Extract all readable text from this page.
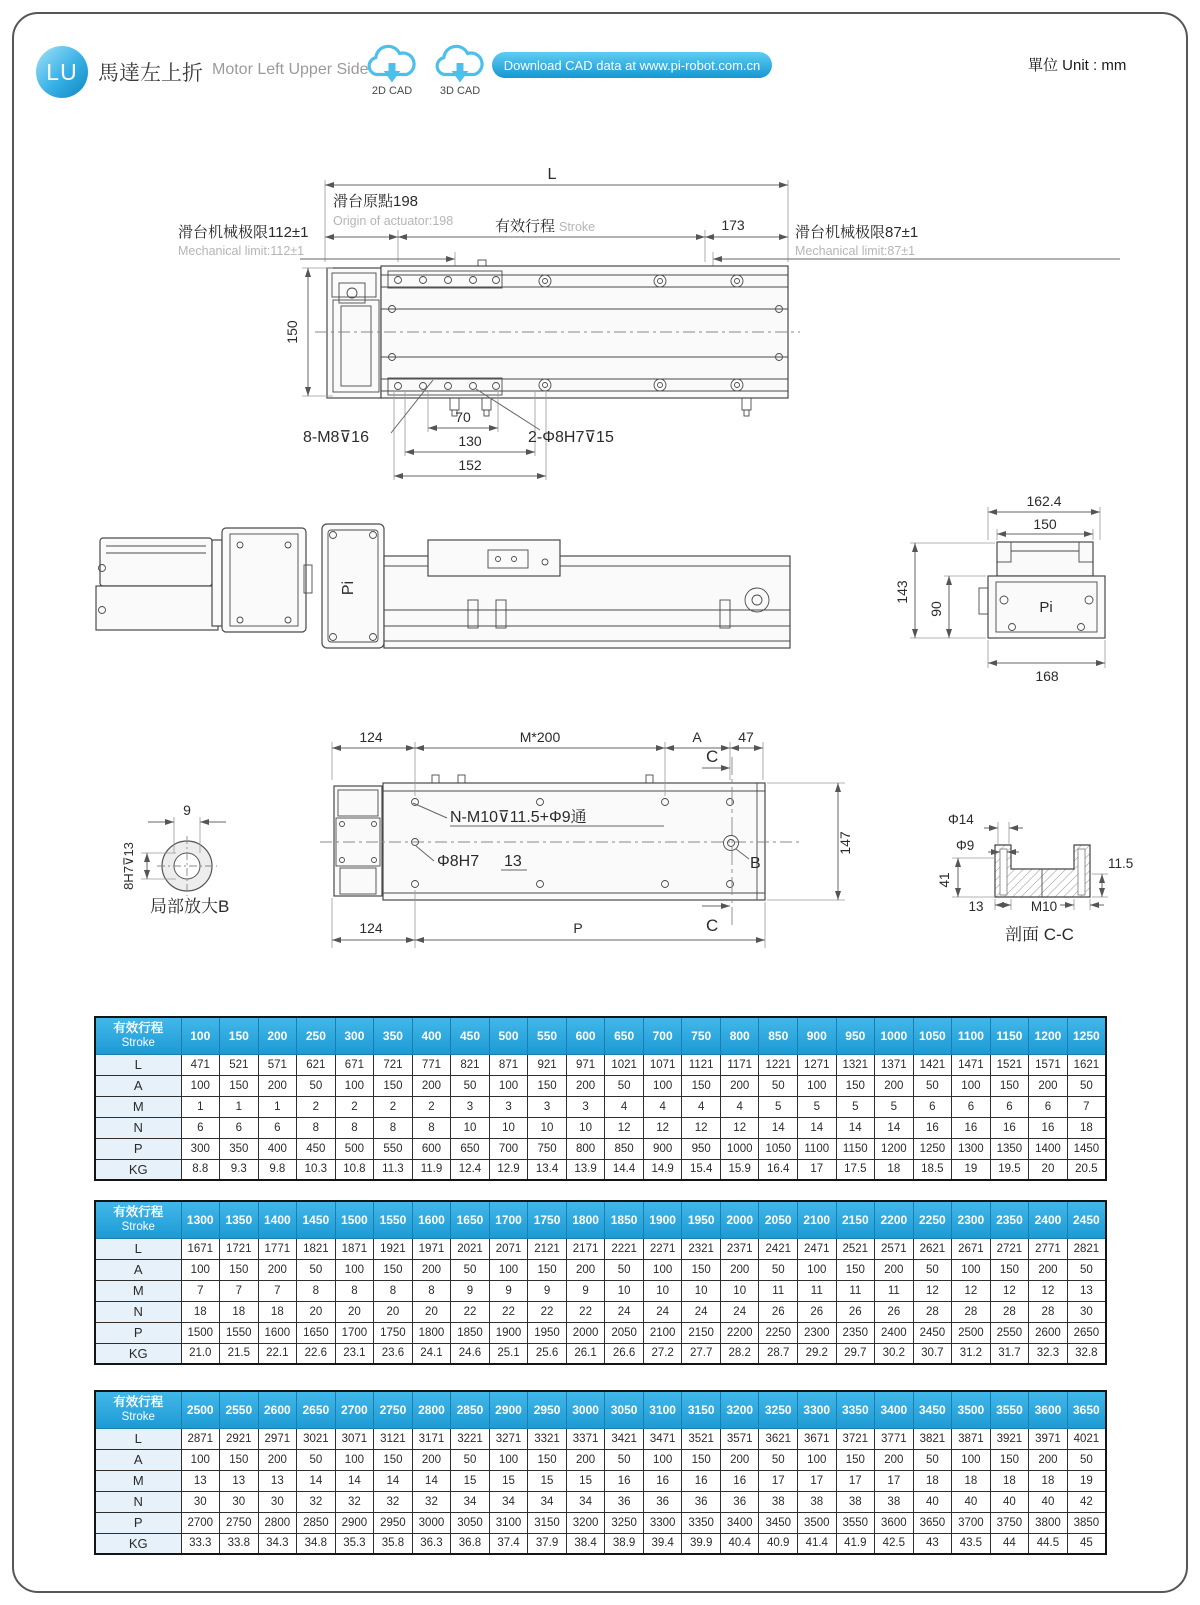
LU 馬達左上折 Motor Left Upper Side
2D CAD	3D CAD
Download CAD data at www.pi-robot.com.cn	單位 Unit : mm
L
滑台原點198
Origin of actuator:198	有效行程 Stroke	173
滑台机械极限112±1
Mechanical limit:112±1
滑台机械极限87±1
Mechanical limit:87±1
150
70
130
152
8-M8⊽16	2-Φ8H7⊽15
Pi
Pi
162.4
150
143
90
168
124	M*200	A	47
C
C
147
124	P
N-M10⊽11.5+Φ9通
Φ8H7 13	B
9
8H7⊽13
局部放大B
Φ14
Φ9
41
13	M10
11.5
剖面 C-C
有效行程
Stroke	100	150	200	250	300	350	400	450	500	550	600	650	700	750	800	850	900	950	1000	1050	1100	1150	1200	1250
L	471	521	571	621	671	721	771	821	871	921	971	1021	1071	1121	1171	1221	1271	1321	1371	1421	1471	1521	1571	1621
A	100	150	200	50	100	150	200	50	100	150	200	50	100	150	200	50	100	150	200	50	100	150	200	50
M	1	1	1	2	2	2	2	3	3	3	3	4	4	4	4	5	5	5	5	6	6	6	6	7
N	6	6	6	8	8	8	8	10	10	10	10	12	12	12	12	14	14	14	14	16	16	16	16	18
P	300	350	400	450	500	550	600	650	700	750	800	850	900	950	1000	1050	1100	1150	1200	1250	1300	1350	1400	1450
KG	8.8	9.3	9.8	10.3	10.8	11.3	11.9	12.4	12.9	13.4	13.9	14.4	14.9	15.4	15.9	16.4	17	17.5	18	18.5	19	19.5	20	20.5
有效行程
Stroke	1300	1350	1400	1450	1500	1550	1600	1650	1700	1750	1800	1850	1900	1950	2000	2050	2100	2150	2200	2250	2300	2350	2400	2450
L	1671	1721	1771	1821	1871	1921	1971	2021	2071	2121	2171	2221	2271	2321	2371	2421	2471	2521	2571	2621	2671	2721	2771	2821
A	100	150	200	50	100	150	200	50	100	150	200	50	100	150	200	50	100	150	200	50	100	150	200	50
M	7	7	7	8	8	8	8	9	9	9	9	10	10	10	10	11	11	11	11	12	12	12	12	13
N	18	18	18	20	20	20	20	22	22	22	22	24	24	24	24	26	26	26	26	28	28	28	28	30
P	1500	1550	1600	1650	1700	1750	1800	1850	1900	1950	2000	2050	2100	2150	2200	2250	2300	2350	2400	2450	2500	2550	2600	2650
KG	21.0	21.5	22.1	22.6	23.1	23.6	24.1	24.6	25.1	25.6	26.1	26.6	27.2	27.7	28.2	28.7	29.2	29.7	30.2	30.7	31.2	31.7	32.3	32.8
有效行程
Stroke	2500	2550	2600	2650	2700	2750	2800	2850	2900	2950	3000	3050	3100	3150	3200	3250	3300	3350	3400	3450	3500	3550	3600	3650
L	2871	2921	2971	3021	3071	3121	3171	3221	3271	3321	3371	3421	3471	3521	3571	3621	3671	3721	3771	3821	3871	3921	3971	4021
A	100	150	200	50	100	150	200	50	100	150	200	50	100	150	200	50	100	150	200	50	100	150	200	50
M	13	13	13	14	14	14	14	15	15	15	15	16	16	16	16	17	17	17	17	18	18	18	18	19
N	30	30	30	32	32	32	32	34	34	34	34	36	36	36	36	38	38	38	38	40	40	40	40	42
P	2700	2750	2800	2850	2900	2950	3000	3050	3100	3150	3200	3250	3300	3350	3400	3450	3500	3550	3600	3650	3700	3750	3800	3850
KG	33.3	33.8	34.3	34.8	35.3	35.8	36.3	36.8	37.4	37.9	38.4	38.9	39.4	39.9	40.4	40.9	41.4	41.9	42.5	43	43.5	44	44.5	45
